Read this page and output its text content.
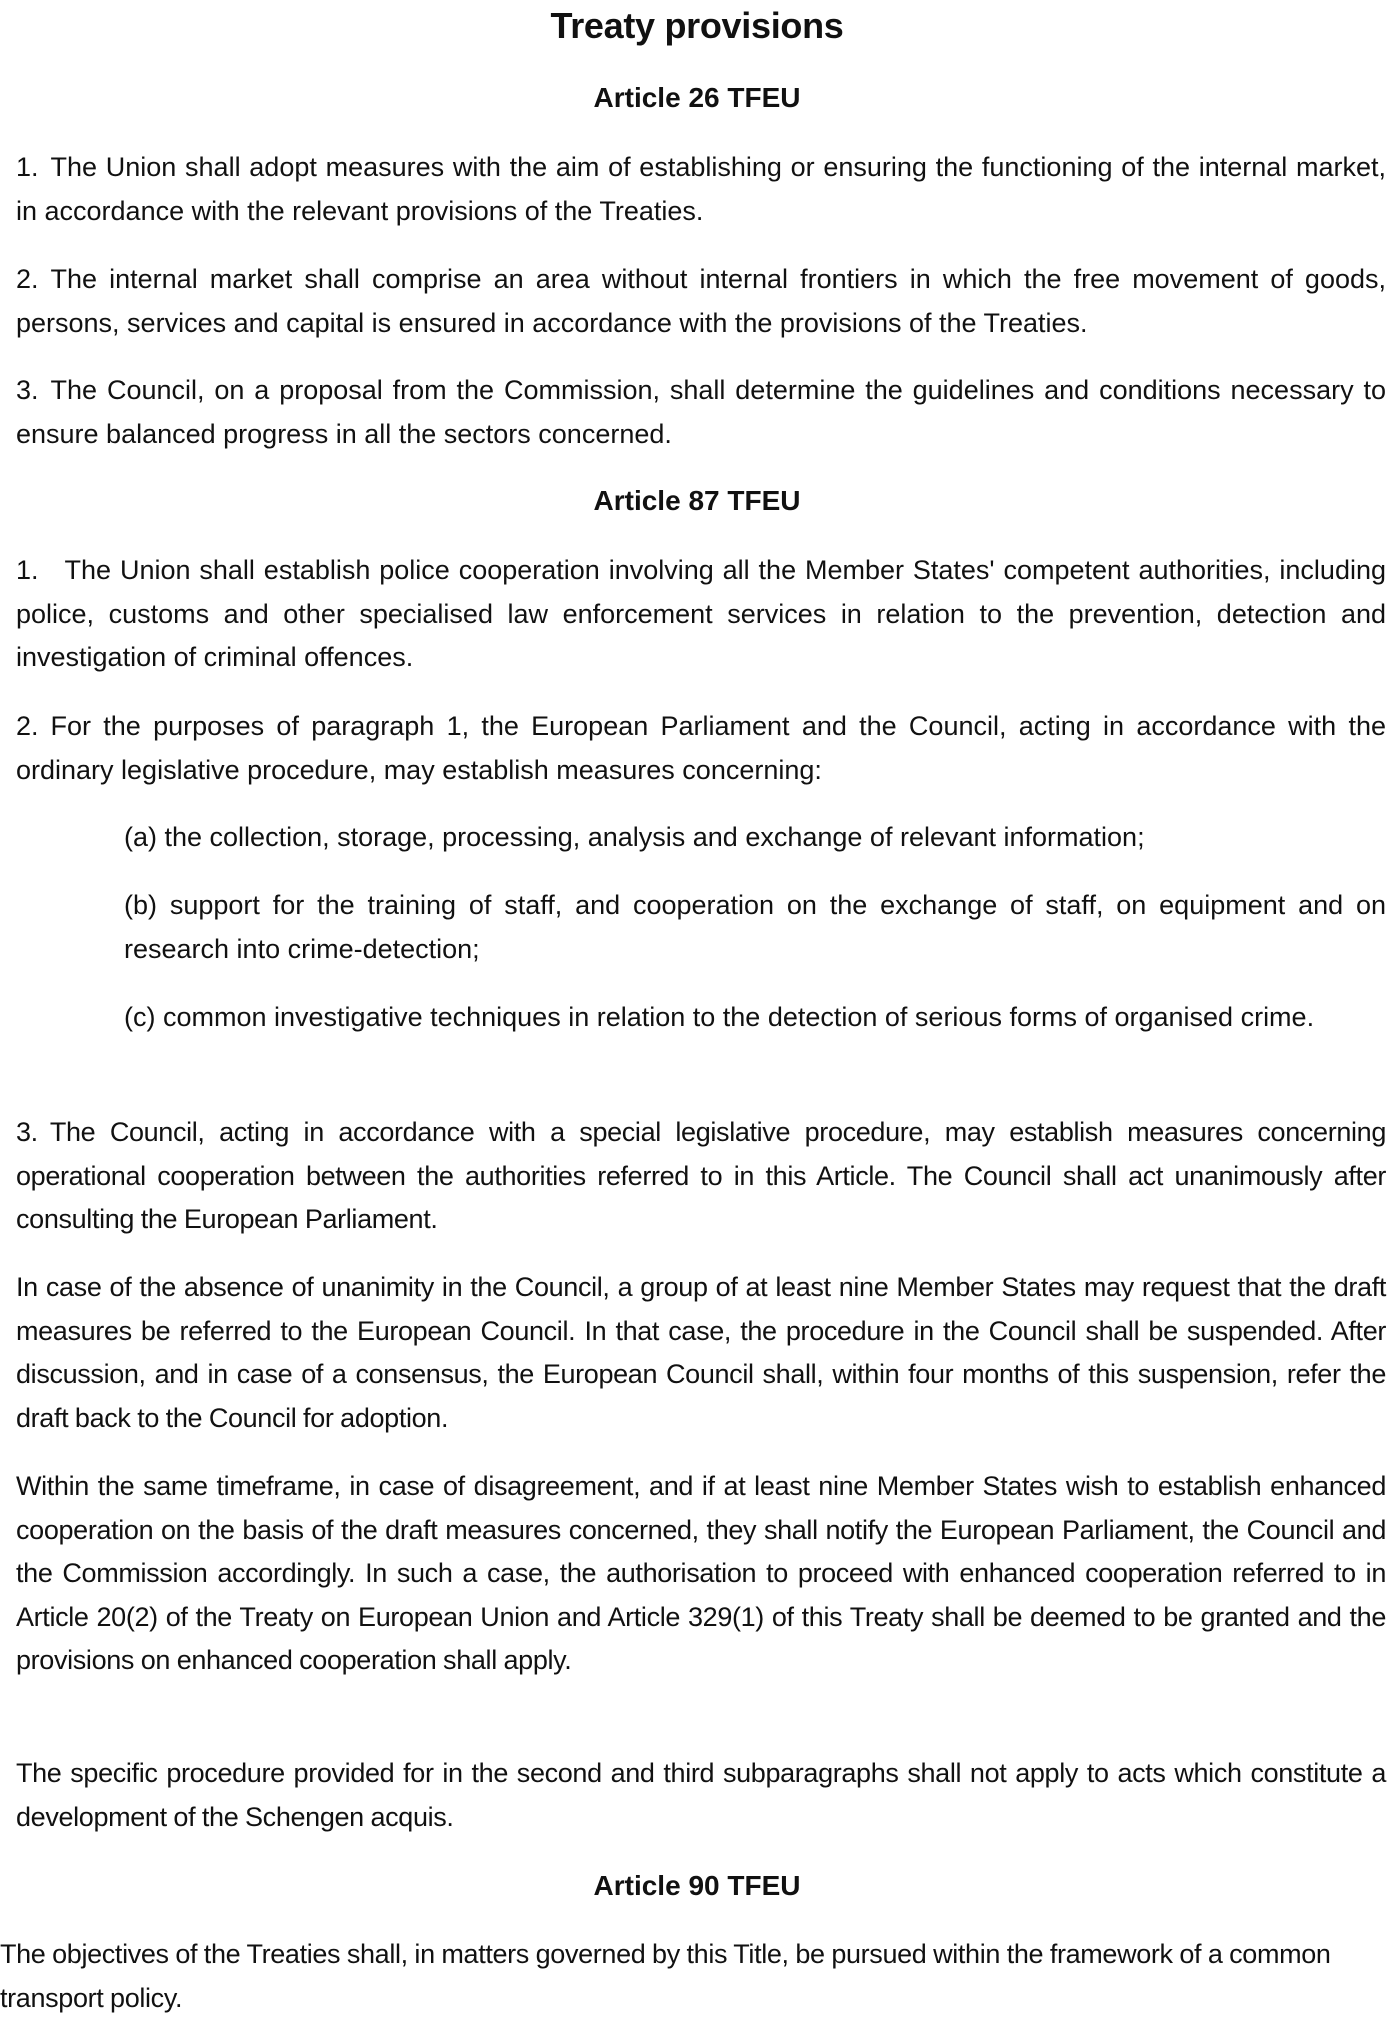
Treaty provisions
Article 26 TFEU

1. The Union shall adopt measures with the aim of establishing or ensuring the functioning of the internal market, in accordance with the relevant provisions of the Treaties.

2. The internal market shall comprise an area without internal frontiers in which the free movement of goods, persons, services and capital is ensured in accordance with the provisions of the Treaties.

3. The Council, on a proposal from the Commission, shall determine the guidelines and conditions necessary to ensure balanced progress in all the sectors concerned.

Article 87 TFEU

1. The Union shall establish police cooperation involving all the Member States' competent authorities, including police, customs and other specialised law enforcement services in relation to the prevention, detection and investigation of criminal offences.

2. For the purposes of paragraph 1, the European Parliament and the Council, acting in accordance with the ordinary legislative procedure, may establish measures concerning:

(a) the collection, storage, processing, analysis and exchange of relevant information;

(b) support for the training of staff, and cooperation on the exchange of staff, on equipment and on research into crime-detection;

(c) common investigative techniques in relation to the detection of serious forms of organised crime.

3. The Council, acting in accordance with a special legislative procedure, may establish measures concerning operational cooperation between the authorities referred to in this Article. The Council shall act unanimously after consulting the European Parliament.

In case of the absence of unanimity in the Council, a group of at least nine Member States may request that the draft measures be referred to the European Council. In that case, the procedure in the Council shall be suspended. After discussion, and in case of a consensus, the European Council shall, within four months of this suspension, refer the draft back to the Council for adoption.

Within the same timeframe, in case of disagreement, and if at least nine Member States wish to establish enhanced cooperation on the basis of the draft measures concerned, they shall notify the European Parliament, the Council and the Commission accordingly. In such a case, the authorisation to proceed with enhanced cooperation referred to in Article 20(2) of the Treaty on European Union and Article 329(1) of this Treaty shall be deemed to be granted and the provisions on enhanced cooperation shall apply.

The specific procedure provided for in the second and third subparagraphs shall not apply to acts which constitute a development of the Schengen acquis.

Article 90 TFEU

The objectives of the Treaties shall, in matters governed by this Title, be pursued within the framework of a common transport policy.
